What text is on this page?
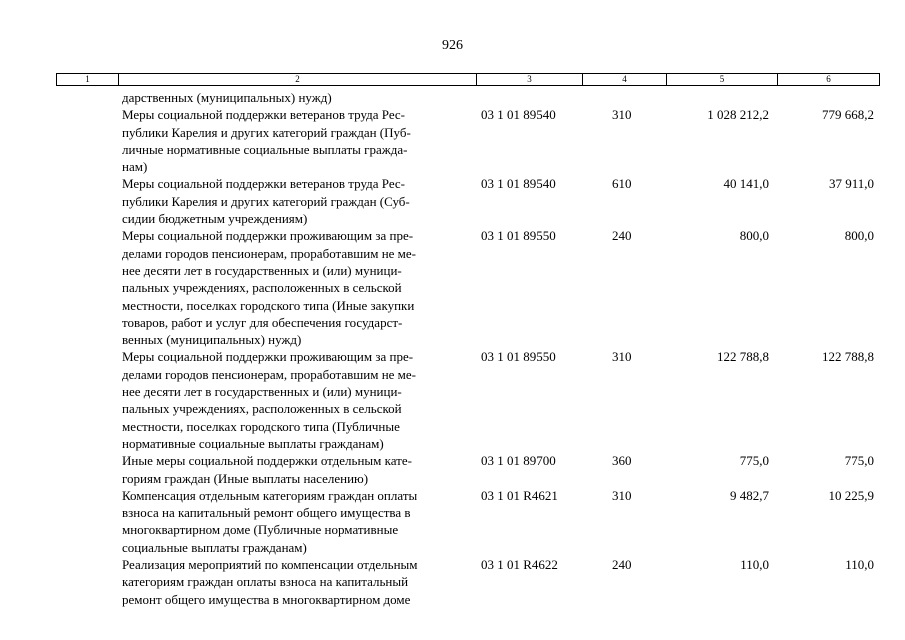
926
1	2	3	4	5	6
дарственных (муниципальных) нужд)
Меры социальной поддержки ветеранов труда Рес-
публики Карелия и других категорий граждан (Пуб-
личные нормативные социальные выплаты гражда-
нам)
03 1 01 89540	310	1 028 212,2	779 668,2
Меры социальной поддержки ветеранов труда Рес-
публики Карелия и других категорий граждан (Суб-
сидии бюджетным учреждениям)
03 1 01 89540	610	40 141,0	37 911,0
Меры социальной поддержки проживающим за пре-
делами городов пенсионерам, проработавшим не ме-
нее десяти лет в государственных и (или) муници-
пальных учреждениях, расположенных в сельской
местности, поселках городского типа (Иные закупки
товаров, работ и услуг для обеспечения государст-
венных (муниципальных) нужд)
03 1 01 89550	240	800,0	800,0
Меры социальной поддержки проживающим за пре-
делами городов пенсионерам, проработавшим не ме-
нее десяти лет в государственных и (или) муници-
пальных учреждениях, расположенных в сельской
местности, поселках городского типа (Публичные
нормативные социальные выплаты гражданам)
03 1 01 89550	310	122 788,8	122 788,8
Иные меры социальной поддержки отдельным кате-
гориям граждан (Иные выплаты населению)
03 1 01 89700	360	775,0	775,0
Компенсация отдельным категориям граждан оплаты
взноса на капитальный ремонт общего имущества в
многоквартирном доме (Публичные нормативные
социальные выплаты гражданам)
03 1 01 R4621	310	9 482,7	10 225,9
Реализация мероприятий по компенсации отдельным
категориям граждан оплаты взноса на капитальный
ремонт общего имущества в многоквартирном доме
03 1 01 R4622	240	110,0	110,0
